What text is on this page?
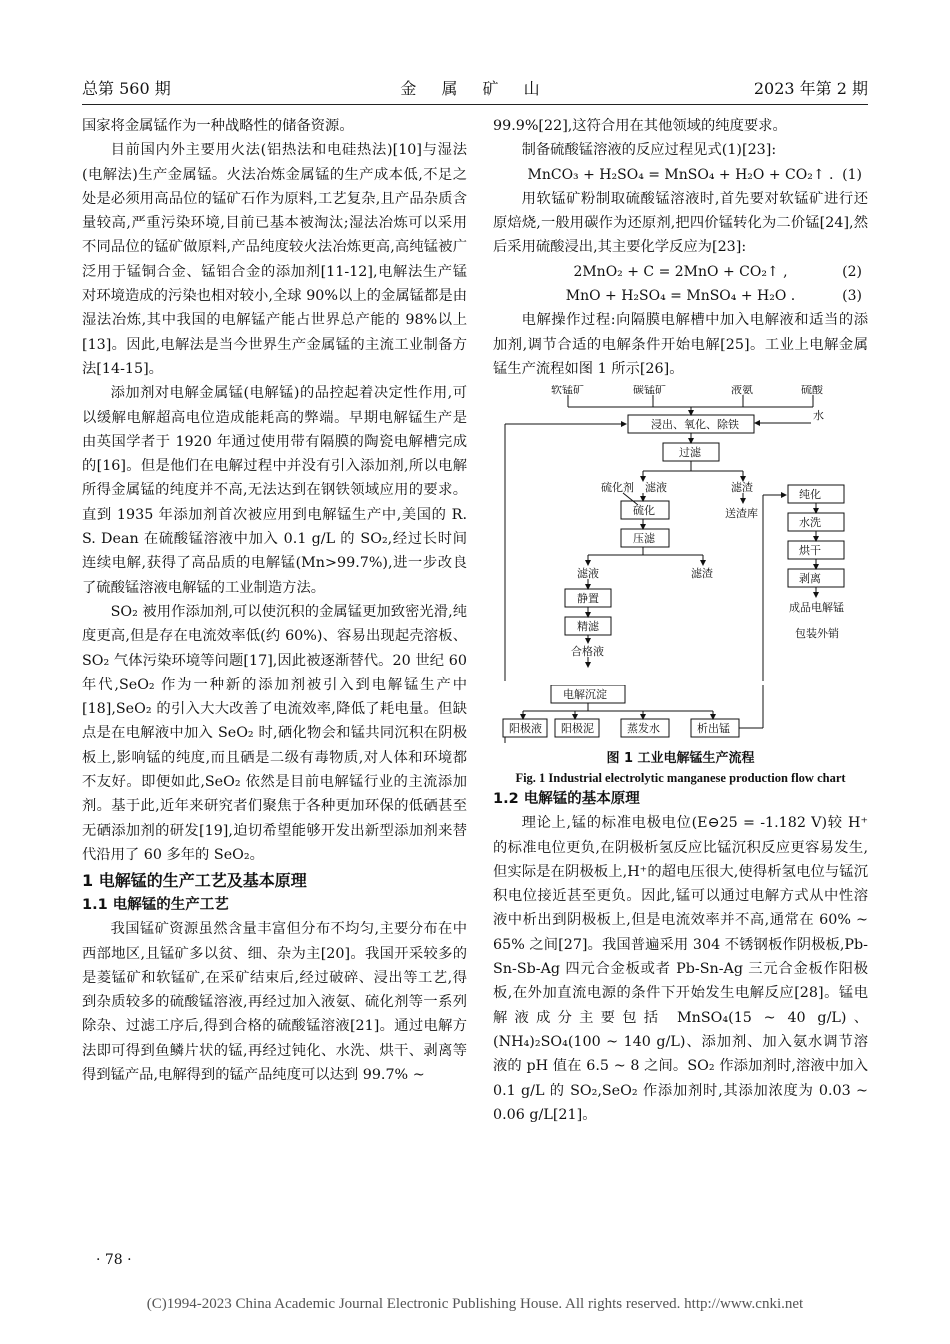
总第 560 期	金 属 矿 山	2023 年第 2 期

国家将金属锰作为一种战略性的储备资源。

目前国内外主要用火法(铝热法和电硅热法)[10]与湿法(电解法)生产金属锰。火法冶炼金属锰的生产成本低,不足之处是必须用高品位的锰矿石作为原料,工艺复杂,且产品杂质含量较高,严重污染环境,目前已基本被淘汰;湿法冶炼可以采用不同品位的锰矿做原料,产品纯度较火法冶炼更高,高纯锰被广泛用于锰铜合金、锰铝合金的添加剂[11-12],电解法生产锰对环境造成的污染也相对较小,全球 90%以上的金属锰都是由湿法冶炼,其中我国的电解锰产能占世界总产能的 98%以上[13]。因此,电解法是当今世界生产金属锰的主流工业制备方法[14-15]。

添加剂对电解金属锰(电解锰)的品控起着决定性作用,可以缓解电解超高电位造成能耗高的弊端。早期电解锰生产是由英国学者于 1920 年通过使用带有隔膜的陶瓷电解槽完成的[16]。但是他们在电解过程中并没有引入添加剂,所以电解所得金属锰的纯度并不高,无法达到在钢铁领域应用的要求。直到 1935 年添加剂首次被应用到电解锰生产中,美国的 R. S. Dean 在硫酸锰溶液中加入 0.1 g/L 的 SO₂,经过长时间连续电解,获得了高品质的电解锰(Mn>99.7%),进一步改良了硫酸锰溶液电解锰的工业制造方法。

SO₂ 被用作添加剂,可以使沉积的金属锰更加致密光滑,纯度更高,但是存在电流效率低(约 60%)、容易出现起壳溶板、SO₂ 气体污染环境等问题[17],因此被逐渐替代。20 世纪 60 年代,SeO₂ 作为一种新的添加剂被引入到电解锰生产中[18],SeO₂ 的引入大大改善了电流效率,降低了耗电量。但缺点是在电解液中加入 SeO₂ 时,硒化物会和锰共同沉积在阴极板上,影响锰的纯度,而且硒是二级有毒物质,对人体和环境都不友好。即便如此,SeO₂ 依然是目前电解锰行业的主流添加剂。基于此,近年来研究者们聚焦于各种更加环保的低硒甚至无硒添加剂的研发[19],迫切希望能够开发出新型添加剂来替代沿用了 60 多年的 SeO₂。

1 电解锰的生产工艺及基本原理
1.1 电解锰的生产工艺

我国锰矿资源虽然含量丰富但分布不均匀,主要分布在中西部地区,且锰矿多以贫、细、杂为主[20]。我国开采较多的是菱锰矿和软锰矿,在采矿结束后,经过破碎、浸出等工艺,得到杂质较多的硫酸锰溶液,再经过加入液氨、硫化剂等一系列除杂、过滤工序后,得到合格的硫酸锰溶液[21]。通过电解方法即可得到鱼鳞片状的锰,再经过钝化、水洗、烘干、剥离等得到锰产品,电解得到的锰产品纯度可以达到 99.7% ~

99.9%[22],这符合用在其他领域的纯度要求。

制备硫酸锰溶液的反应过程见式(1)[23]:

MnCO₃ + H₂SO₄ = MnSO₄ + H₂O + CO₂↑ . (1)

用软锰矿粉制取硫酸锰溶液时,首先要对软锰矿进行还原焙烧,一般用碳作为还原剂,把四价锰转化为二价锰[24],然后采用硫酸浸出,其主要化学反应为[23]:

2MnO₂ + C = 2MnO + CO₂↑ ,	(2)
MnO + H₂SO₄ = MnSO₄ + H₂O .	(3)

电解操作过程:向隔膜电解槽中加入电解液和适当的添加剂,调节合适的电解条件开始电解[25]。工业上电解金属锰生产流程如图 1 所示[26]。

软锰矿	碳锰矿	液氨	硫酸
浸出、氧化、除铁
水
过滤
硫化剂 滤液	滤渣
硫化	送渣库
压滤
滤液	滤渣
静置
精滤
合格液
纯化
水洗
烘干
剥离
成品电解锰
包装外销
电解沉淀
阳极液 阳极泥	蒸发水	析出锰
图 1 工业电解锰生产流程
Fig. 1 Industrial electrolytic manganese production flow chart
1.2 电解锰的基本原理

理论上,锰的标准电极电位(E⊖25 = -1.182 V)较 H⁺的标准电位更负,在阴极析氢反应比锰沉积反应更容易发生,但实际是在阴极板上,H⁺的超电压很大,使得析氢电位与锰沉积电位接近甚至更负。因此,锰可以通过电解方式从中性溶液中析出到阴极板上,但是电流效率并不高,通常在 60% ~ 65% 之间[27]。我国普遍采用 304 不锈钢板作阴极板,Pb-Sn-Sb-Ag 四元合金板或者 Pb-Sn-Ag 三元合金板作阳极板,在外加直流电源的条件下开始发生电解反应[28]。锰电解液成分主要包括 MnSO₄(15 ~ 40 g/L)、(NH₄)₂SO₄(100 ~ 140 g/L)、添加剂、加入氨水调节溶液的 pH 值在 6.5 ~ 8 之间。SO₂ 作添加剂时,溶液中加入 0.1 g/L 的 SO₂,SeO₂ 作添加剂时,其添加浓度为 0.03 ~ 0.06 g/L[21]。

· 78 ·
(C)1994-2023 China Academic Journal Electronic Publishing House. All rights reserved. http://www.cnki.net
